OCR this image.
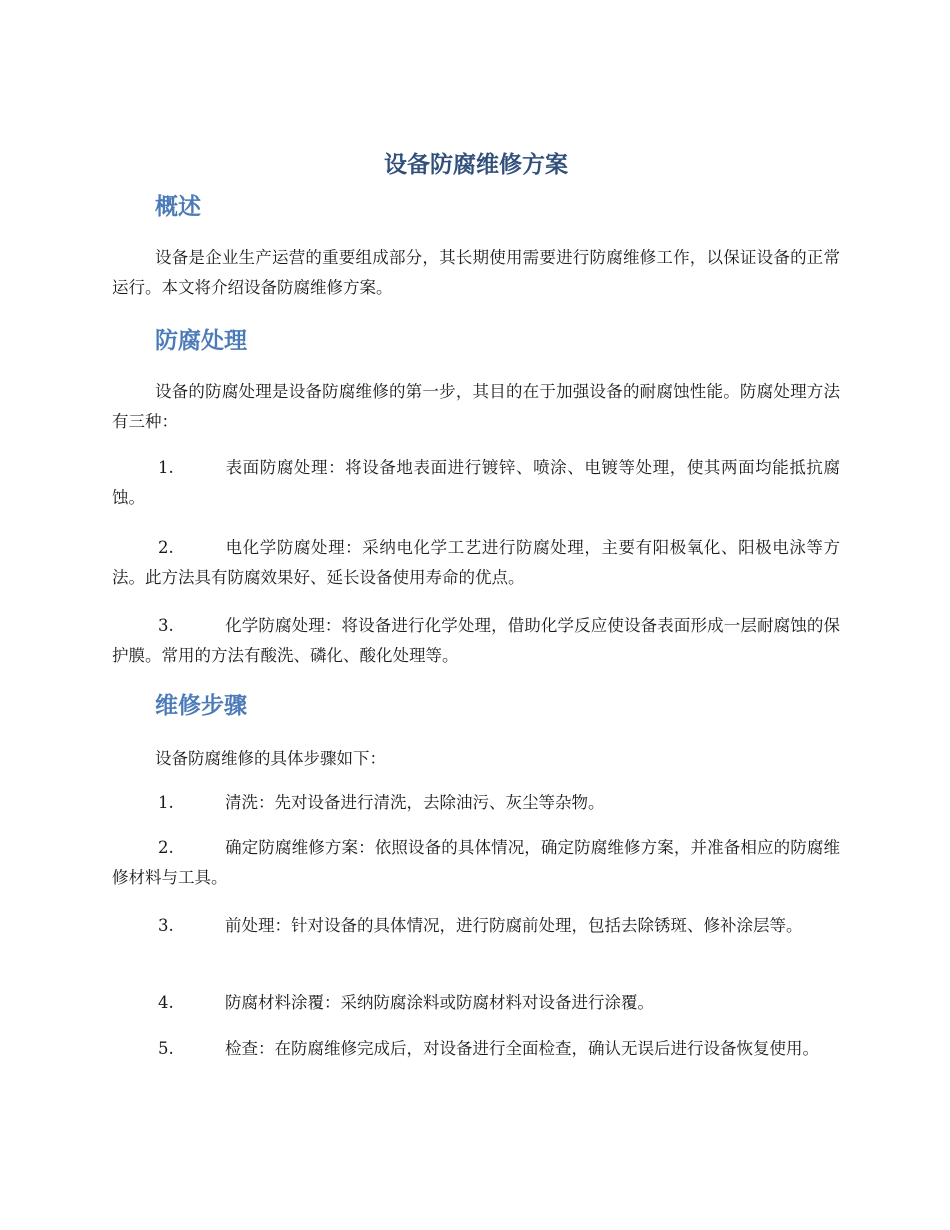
设备防腐维修方案
概述

设备是企业生产运营的重要组成部分，其长期使用需要进行防腐维修工作，以保证设备的正常运行。本文将介绍设备防腐维修方案。

防腐处理

设备的防腐处理是设备防腐维修的第一步，其目的在于加强设备的耐腐蚀性能。防腐处理方法有三种：

1.	表面防腐处理：将设备地表面进行镀锌、喷涂、电镀等处理，使其两面均能抵抗腐蚀。

2.	电化学防腐处理：采纳电化学工艺进行防腐处理，主要有阳极氧化、阳极电泳等方法。此方法具有防腐效果好、延长设备使用寿命的优点。

3.	化学防腐处理：将设备进行化学处理，借助化学反应使设备表面形成一层耐腐蚀的保护膜。常用的方法有酸洗、磷化、酸化处理等。

维修步骤

设备防腐维修的具体步骤如下：

1.	清洗：先对设备进行清洗，去除油污、灰尘等杂物。

2.	确定防腐维修方案：依照设备的具体情况，确定防腐维修方案，并准备相应的防腐维修材料与工具。

3.	前处理：针对设备的具体情况，进行防腐前处理，包括去除锈斑、修补涂层等。

4.	防腐材料涂覆：采纳防腐涂料或防腐材料对设备进行涂覆。

5.	检查：在防腐维修完成后，对设备进行全面检查，确认无误后进行设备恢复使用。
